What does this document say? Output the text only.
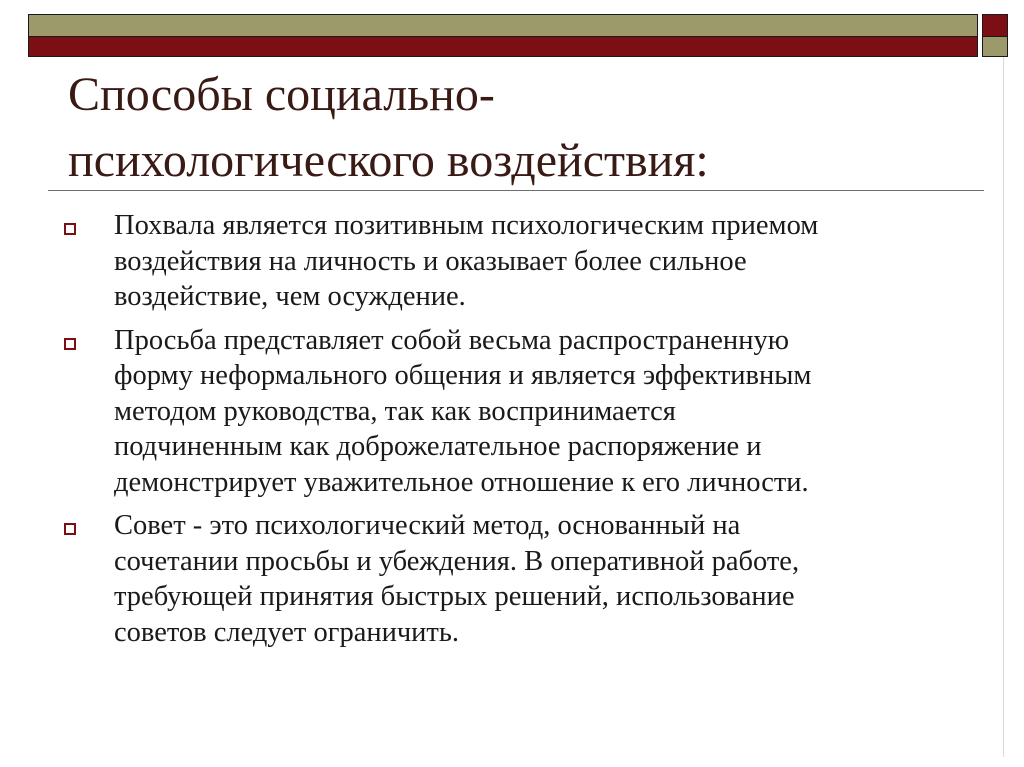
Способы социально-
психологического воздействия:
Похвала является позитивным психологическим приемом
воздействия на личность и оказывает более сильное
воздействие, чем осуждение.
Просьба представляет собой весьма распространенную
форму неформального общения и является эффективным
методом руководства, так как воспринимается
подчиненным как доброжелательное распоряжение и
демонстрирует уважительное отношение к его личности.
Совет - это психологический метод, основанный на
сочетании просьбы и убеждения. В оперативной работе,
требующей принятия быстрых решений, использование
советов следует ограничить.
